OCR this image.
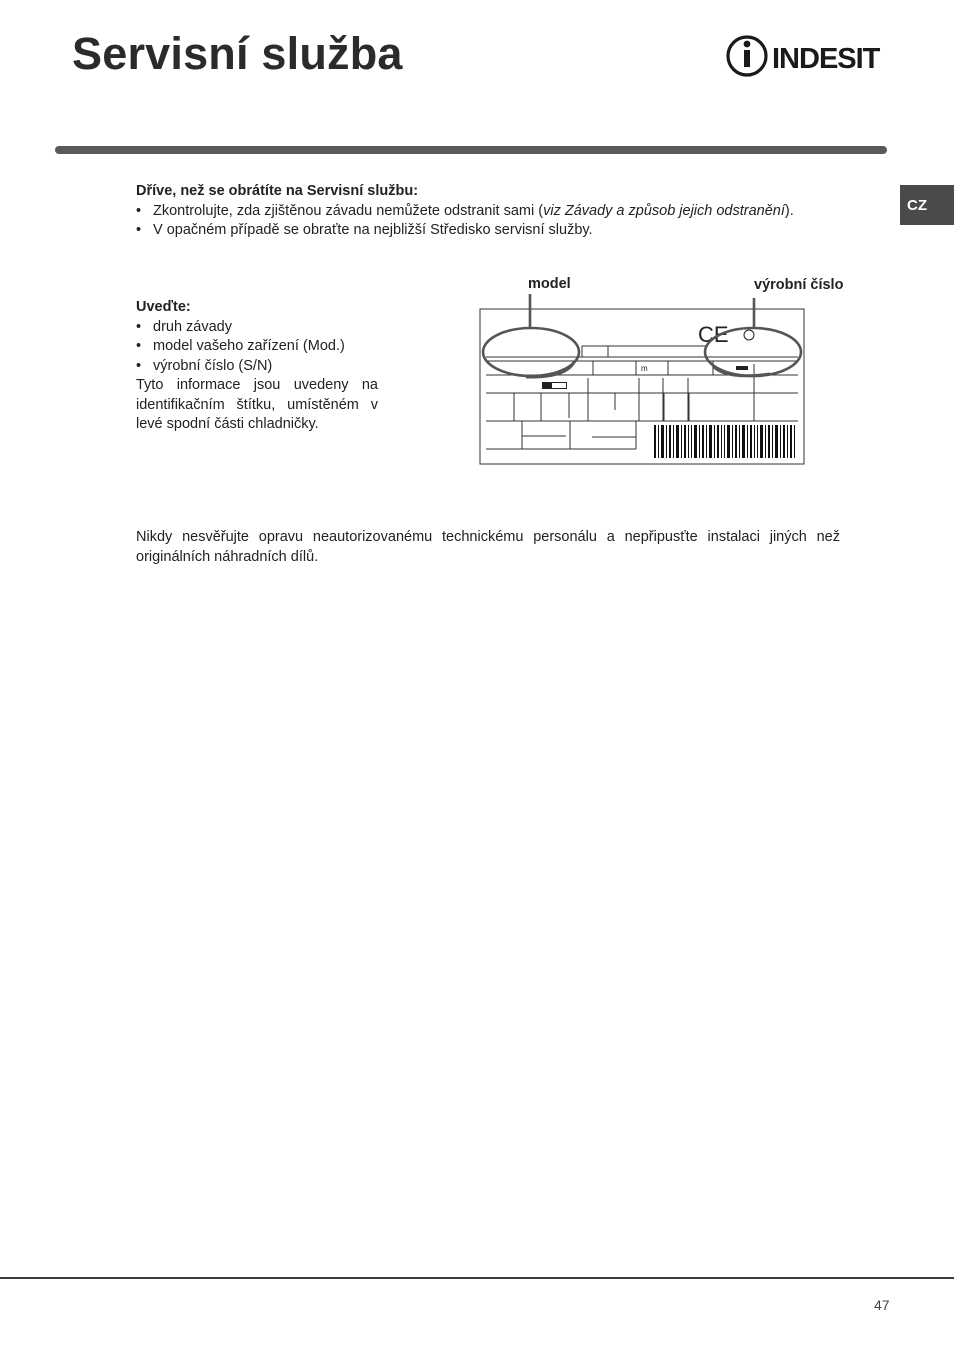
Servisní služba	INDESIT
CZ

Dříve, než se obrátíte na Servisní službu:

• Zkontrolujte, zda zjištěnou závadu nemůžete odstranit sami (viz Závady a způsob jejich odstranění).
• V opačném případě se obraťte na nejbližší Středisko servisní služby.

Uveďte:

• druh závady
• model vašeho zařízení (Mod.)
• výrobní číslo (S/N)

Tyto informace jsou uvedeny na

identifikačním štítku, umístěném v

levé spodní části chladničky.

model	výrobní číslo
CE
m

Nikdy nesvěřujte opravu neautorizovanému technickému personálu a nepřipusťte instalaci jiných než

originálních náhradních dílů.

47
